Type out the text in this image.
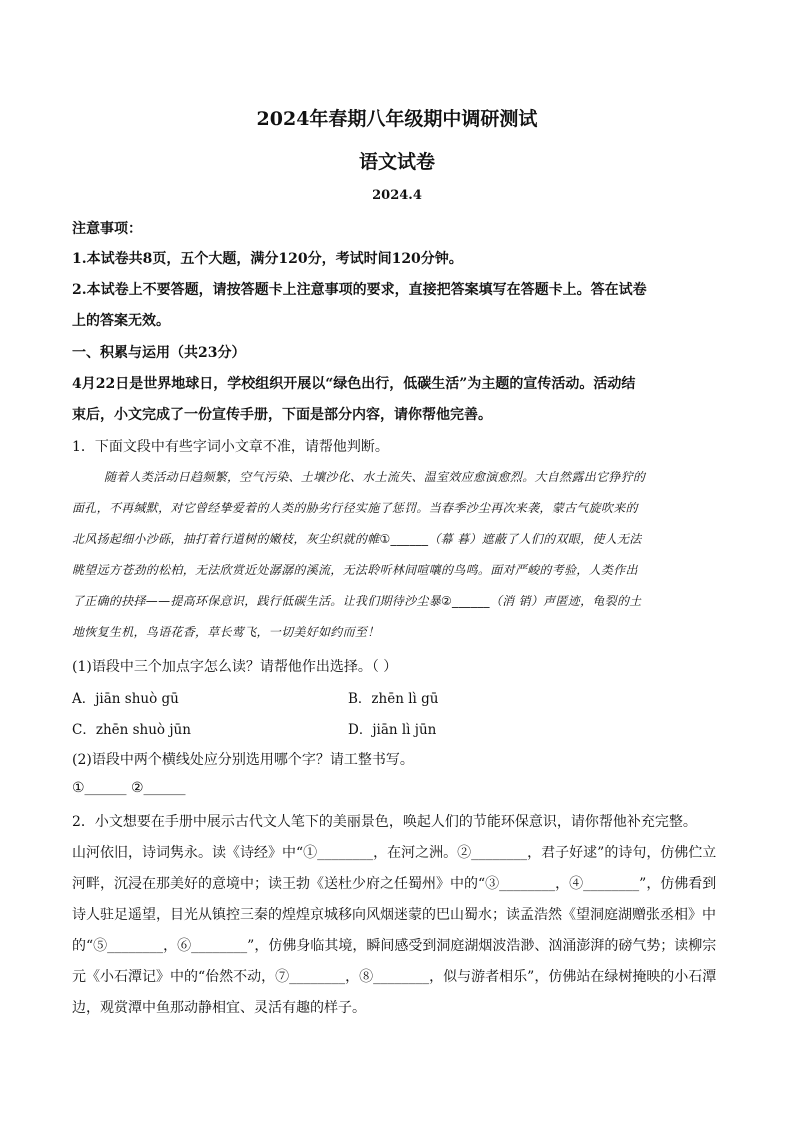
2024年春期八年级期中调研测试
语文试卷
2024.4
注意事项：
1.本试卷共8页，五个大题，满分120分，考试时间120分钟。
2.本试卷上不要答题，请按答题卡上注意事项的要求，直接把答案填写在答题卡上。答在试卷
上的答案无效。
一、积累与运用（共23分）
4月22日是世界地球日，学校组织开展以“绿色出行，低碳生活”为主题的宣传活动。活动结
束后，小文完成了一份宣传手册，下面是部分内容，请你帮他完善。
1．下面文段中有些字词小文章不准，请帮他判断。
随着人类活动日趋频繁，空气污染、土壤沙化、水土流失、温室效应愈演愈烈。大自然露出它狰狞的
面孔，不再缄默，对它曾经挚爱着的人类的胁劣行径实施了惩罚。当春季沙尘再次来袭，蒙古气旋吹来的
北风扬起细小沙砾，抽打着行道树的嫩枝，灰尘织就的帷①______（幕 暮）遮蔽了人们的双眼，使人无法
眺望远方苍劲的松柏，无法欣赏近处潺潺的溪流，无法聆听林间喧嚷的鸟鸣。面对严峻的考验，人类作出
了正确的抉择——提高环保意识，践行低碳生活。让我们期待沙尘暴②______（消 销）声匿迹，龟裂的土
地恢复生机，鸟语花香，草长莺飞，一切美好如约而至！
(1)语段中三个加点字怎么读？请帮他作出选择。（ ）
A．jiān shuò gū	B．zhēn lì gū
C．zhēn shuò jūn	D．jiān lì jūn
(2)语段中两个横线处应分别选用哪个字？请工整书写。
①______ ②______
2．小文想要在手册中展示古代文人笔下的美丽景色，唤起人们的节能环保意识，请你帮他补充完整。
山河依旧，诗词隽永。读《诗经》中“①________，在河之洲。②________，君子好逑”的诗句，仿佛伫立
河畔，沉浸在那美好的意境中；读王勃《送杜少府之任蜀州》中的“③________，④________”，仿佛看到
诗人驻足遥望，目光从镇控三秦的煌煌京城移向风烟迷蒙的巴山蜀水；读孟浩然《望洞庭湖赠张丞相》中
的“⑤________，⑥________”，仿佛身临其境，瞬间感受到洞庭湖烟波浩渺、汹涌澎湃的磅气势；读柳宗
元《小石潭记》中的“佁然不动，⑦________，⑧________，似与游者相乐”，仿佛站在绿树掩映的小石潭
边，观赏潭中鱼那动静相宜、灵活有趣的样子。
